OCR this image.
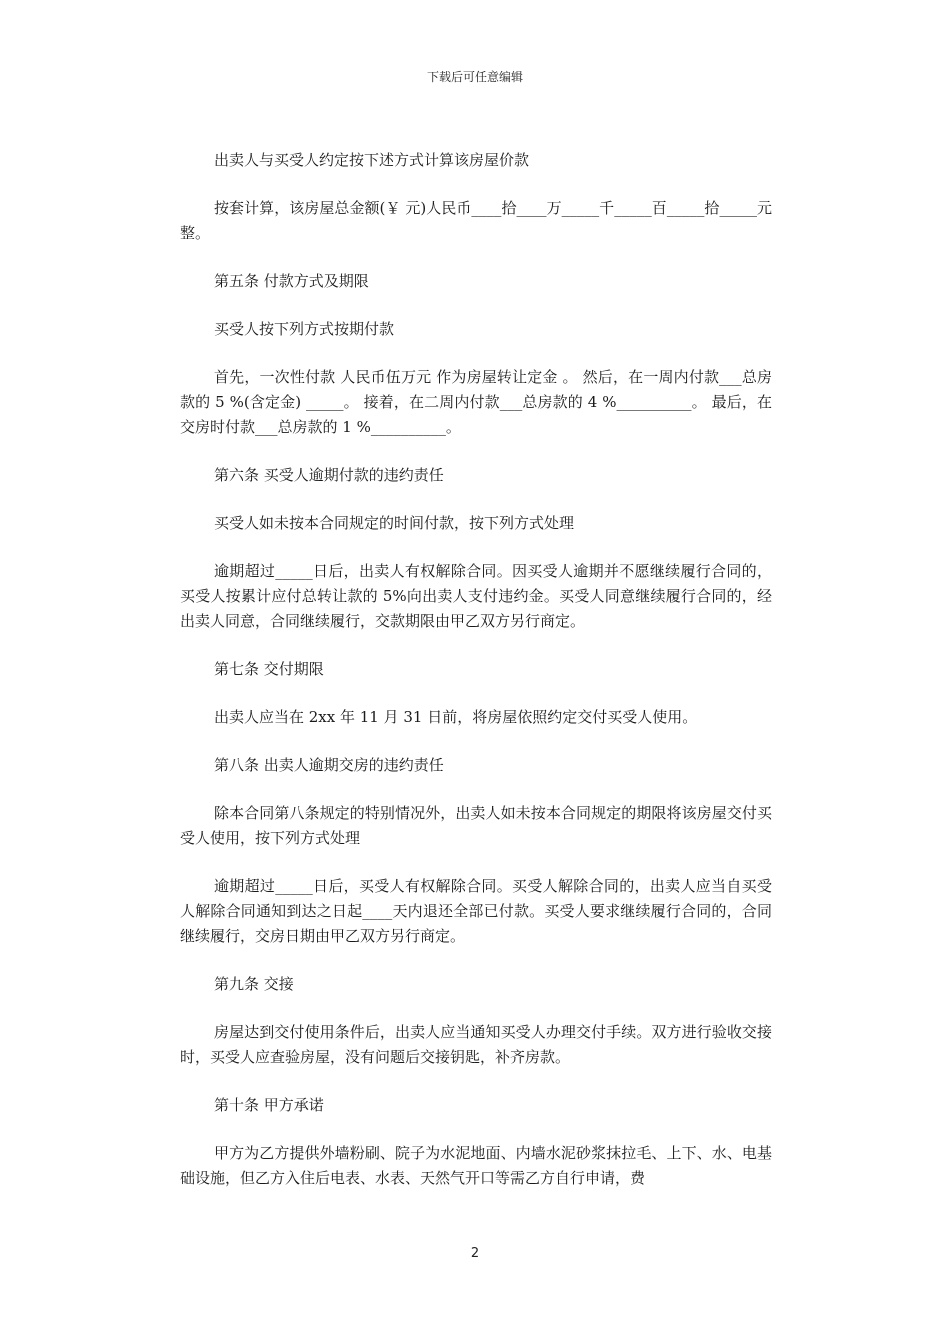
下载后可任意编辑

出卖人与买受人约定按下述方式计算该房屋价款

按套计算，该房屋总金额(￥ 元)人民币____拾____万_____千_____百_____拾_____元整。

第五条 付款方式及期限

买受人按下列方式按期付款

首先，一次性付款 人民币伍万元 作为房屋转让定金 。 然后，在一周内付款___总房款的 5 %(含定金) _____。 接着，在二周内付款___总房款的 4 %__________。 最后，在交房时付款___总房款的 1 %__________。

第六条 买受人逾期付款的违约责任

买受人如未按本合同规定的时间付款，按下列方式处理

逾期超过_____日后，出卖人有权解除合同。因买受人逾期并不愿继续履行合同的，买受人按累计应付总转让款的 5%向出卖人支付违约金。买受人同意继续履行合同的，经出卖人同意，合同继续履行，交款期限由甲乙双方另行商定。

第七条 交付期限

出卖人应当在 2xx 年 11 月 31 日前，将房屋依照约定交付买受人使用。

第八条 出卖人逾期交房的违约责任

除本合同第八条规定的特别情况外，出卖人如未按本合同规定的期限将该房屋交付买受人使用，按下列方式处理

逾期超过_____日后，买受人有权解除合同。买受人解除合同的，出卖人应当自买受人解除合同通知到达之日起____天内退还全部已付款。买受人要求继续履行合同的，合同继续履行，交房日期由甲乙双方另行商定。

第九条 交接

房屋达到交付使用条件后，出卖人应当通知买受人办理交付手续。双方进行验收交接时，买受人应查验房屋，没有问题后交接钥匙，补齐房款。

第十条 甲方承诺

甲方为乙方提供外墙粉刷、院子为水泥地面、内墙水泥砂浆抹拉毛、上下、水、电基础设施，但乙方入住后电表、水表、天然气开口等需乙方自行申请，费

2
